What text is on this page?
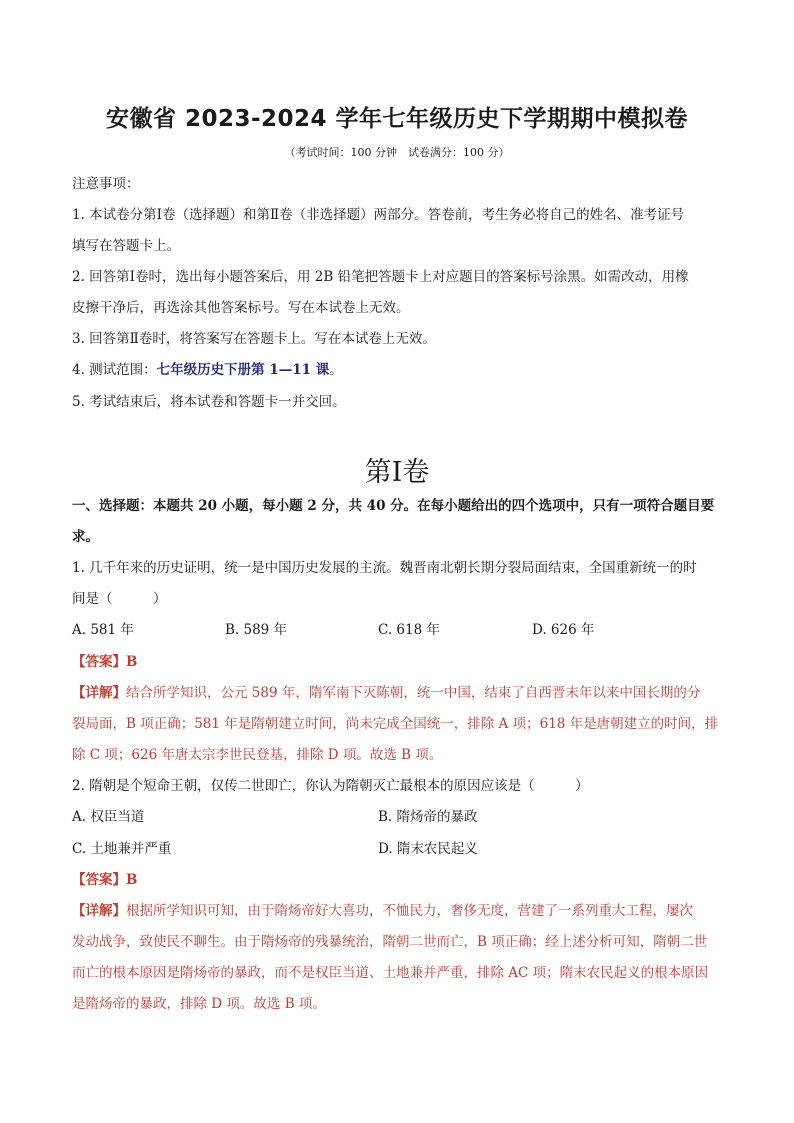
安徽省 2023-2024 学年七年级历史下学期期中模拟卷
（考试时间：100 分钟　试卷满分：100 分）
注意事项：
1. 本试卷分第Ⅰ卷（选择题）和第Ⅱ卷（非选择题）两部分。答卷前，考生务必将自己的姓名、准考证号
填写在答题卡上。
2. 回答第Ⅰ卷时，选出每小题答案后，用 2B 铅笔把答题卡上对应题目的答案标号涂黑。如需改动，用橡
皮擦干净后，再选涂其他答案标号。写在本试卷上无效。
3. 回答第Ⅱ卷时，将答案写在答题卡上。写在本试卷上无效。
4. 测试范围：七年级历史下册第 1—11 课。
5. 考试结束后，将本试卷和答题卡一并交回。
第Ⅰ卷
一、选择题：本题共 20 小题，每小题 2 分，共 40 分。在每小题给出的四个选项中，只有一项符合题目要
求。
1. 几千年来的历史证明，统一是中国历史发展的主流。魏晋南北朝长期分裂局面结束，全国重新统一的时
间是（　　　）
A. 581 年	B. 589 年	C. 618 年	D. 626 年
【答案】B
【详解】结合所学知识，公元 589 年，隋军南下灭陈朝，统一中国，结束了自西晋末年以来中国长期的分
裂局面，B 项正确；581 年是隋朝建立时间，尚未完成全国统一，排除 A 项；618 年是唐朝建立的时间，排
除 C 项；626 年唐太宗李世民登基，排除 D 项。故选 B 项。
2. 隋朝是个短命王朝，仅传二世即亡，你认为隋朝灭亡最根本的原因应该是（　　　）
A. 权臣当道	B. 隋炀帝的暴政
C. 土地兼并严重	D. 隋末农民起义
【答案】B
【详解】根据所学知识可知，由于隋炀帝好大喜功，不恤民力，奢侈无度，营建了一系列重大工程，屡次
发动战争，致使民不聊生。由于隋炀帝的残暴统治，隋朝二世而亡，B 项正确；经上述分析可知，隋朝二世
而亡的根本原因是隋炀帝的暴政，而不是权臣当道、土地兼并严重，排除 AC 项；隋末农民起义的根本原因
是隋炀帝的暴政，排除 D 项。故选 B 项。
